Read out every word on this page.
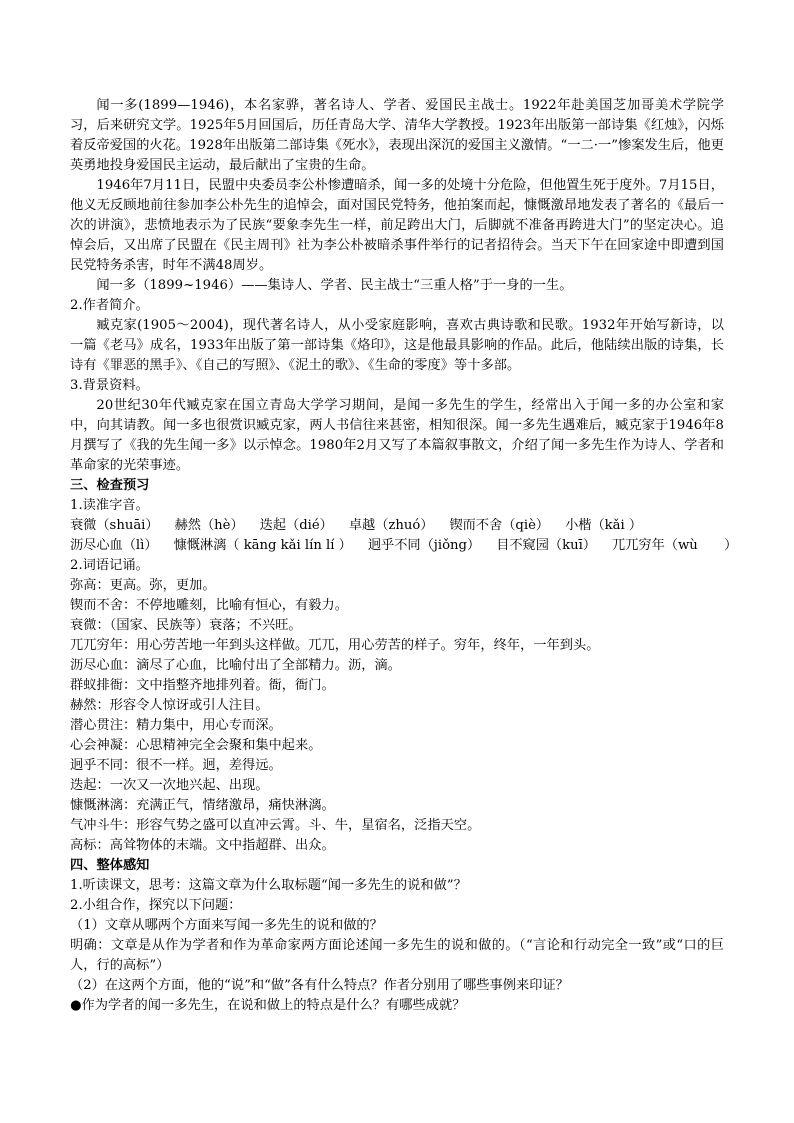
闻一多(1899—1946)，本名家骅，著名诗人、学者、爱国民主战士。1922年赴美国芝加哥美术学院学习，后来研究文学。1925年5月回国后，历任青岛大学、清华大学教授。1923年出版第一部诗集《红烛》，闪烁着反帝爱国的火花。1928年出版第二部诗集《死水》，表现出深沉的爱国主义激情。“一二·一”惨案发生后，他更英勇地投身爱国民主运动，最后献出了宝贵的生命。

1946年7月11日，民盟中央委员李公朴惨遭暗杀，闻一多的处境十分危险，但他置生死于度外。7月15日，他义无反顾地前往参加李公朴先生的追悼会，面对国民党特务，他拍案而起，慷慨激昂地发表了著名的《最后一次的讲演》，悲愤地表示为了民族“要象李先生一样，前足跨出大门，后脚就不准备再跨进大门”的坚定决心。追悼会后，又出席了民盟在《民主周刊》社为李公朴被暗杀事件举行的记者招待会。当天下午在回家途中即遭到国民党特务杀害，时年不满48周岁。

闻一多（1899~1946）——集诗人、学者、民主战士“三重人格”于一身的一生。

2.作者简介。

臧克家(1905～2004)，现代著名诗人，从小受家庭影响，喜欢古典诗歌和民歌。1932年开始写新诗，以一篇《老马》成名，1933年出版了第一部诗集《烙印》，这是他最具影响的作品。此后，他陆续出版的诗集，长诗有《罪恶的黑手》、《自己的写照》、《泥土的歌》、《生命的零度》等十多部。

3.背景资料。

20世纪30年代臧克家在国立青岛大学学习期间，是闻一多先生的学生，经常出入于闻一多的办公室和家中，向其请教。闻一多也很赏识臧克家，两人书信往来甚密，相知很深。闻一多先生遇难后，臧克家于1946年8月撰写了《我的先生闻一多》以示悼念。1980年2月又写了本篇叙事散文，介绍了闻一多先生作为诗人、学者和革命家的光荣事迹。

三、检查预习

1.读准字音。

衰微（shuāi） 赫然（hè） 迭起（dié） 卓越（zhuó） 锲而不舍（qiè） 小楷（kǎi ）
沥尽心血（lì） 慷慨淋漓（ kāng kǎi lín lí ） 迥乎不同（jiǒng） 目不窥园（kuī） 兀兀穷年（wù　　）

2.词语记诵。

弥高：更高。弥，更加。

锲而不舍：不停地雕刻，比喻有恒心，有毅力。

衰微：（国家、民族等）衰落；不兴旺。

兀兀穷年：用心劳苦地一年到头这样做。兀兀，用心劳苦的样子。穷年，终年，一年到头。

沥尽心血：滴尽了心血，比喻付出了全部精力。沥，滴。

群蚁排衙：文中指整齐地排列着。衙，衙门。

赫然：形容令人惊讶或引人注目。

潜心贯注：精力集中，用心专而深。

心会神凝：心思精神完全会聚和集中起来。

迥乎不同：很不一样。迥，差得远。

迭起：一次又一次地兴起、出现。

慷慨淋漓：充满正气，情绪激昂，痛快淋漓。

气冲斗牛：形容气势之盛可以直冲云霄。斗、牛，星宿名，泛指天空。

高标：高耸物体的末端。文中指超群、出众。

四、整体感知

1.听读课文，思考：这篇文章为什么取标题“闻一多先生的说和做”？

2.小组合作，探究以下问题：

（1）文章从哪两个方面来写闻一多先生的说和做的？

明确：文章是从作为学者和作为革命家两方面论述闻一多先生的说和做的。（“言论和行动完全一致”或“口的巨人，行的高标”）

（2）在这两个方面，他的“说”和“做”各有什么特点？作者分别用了哪些事例来印证？

●作为学者的闻一多先生，在说和做上的特点是什么？有哪些成就？
